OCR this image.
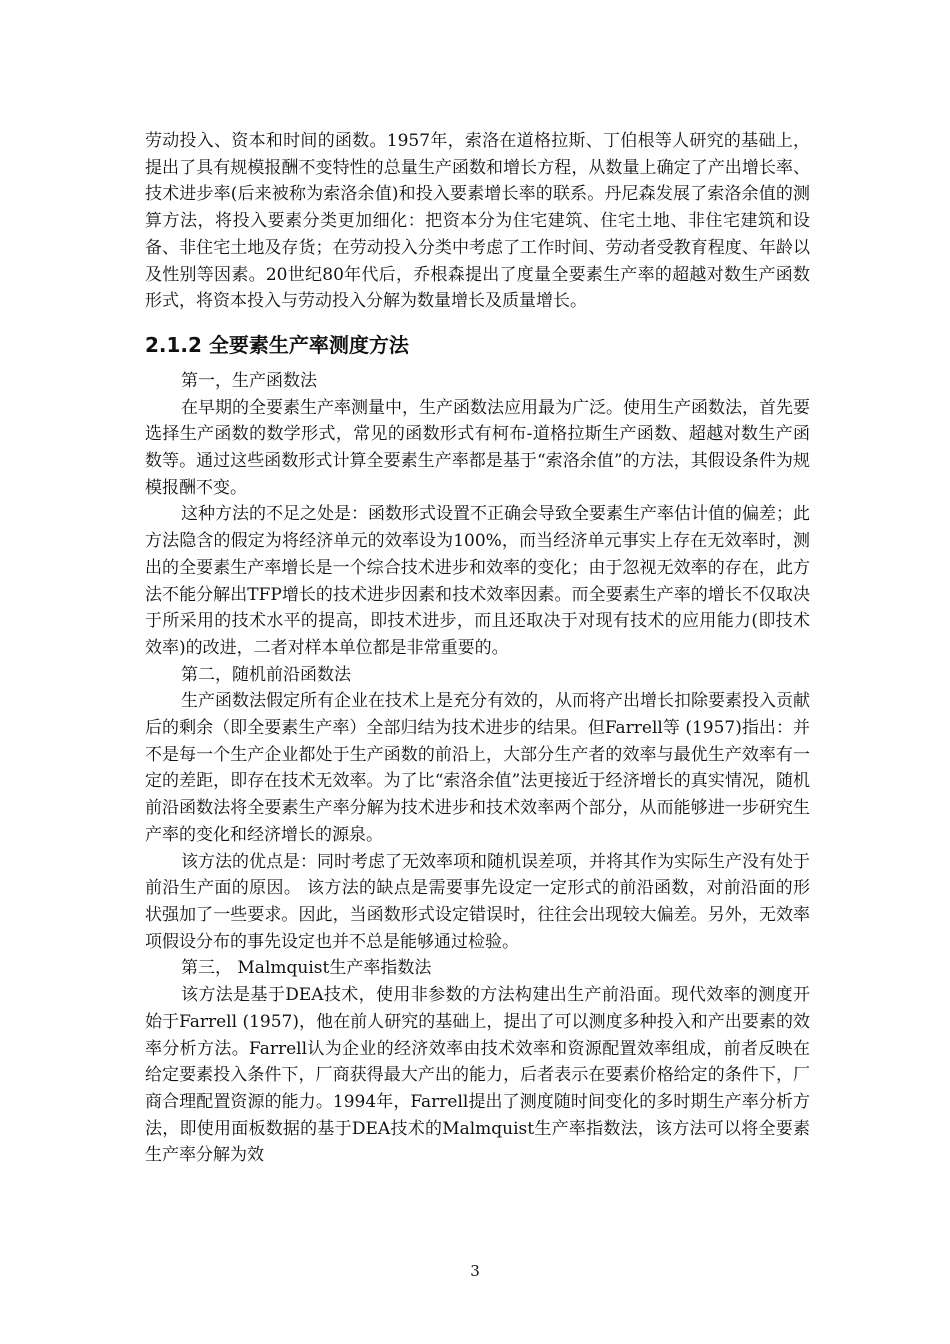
劳动投入、资本和时间的函数。1957年，索洛在道格拉斯、丁伯根等人研究的基础上，提出了具有规模报酬不变特性的总量生产函数和增长方程，从数量上确定了产出增长率、技术进步率(后来被称为索洛余值)和投入要素增长率的联系。丹尼森发展了索洛余值的测算方法，将投入要素分类更加细化：把资本分为住宅建筑、住宅土地、非住宅建筑和设备、非住宅土地及存货；在劳动投入分类中考虑了工作时间、劳动者受教育程度、年龄以及性别等因素。20世纪80年代后，乔根森提出了度量全要素生产率的超越对数生产函数形式，将资本投入与劳动投入分解为数量增长及质量增长。

2.1.2 全要素生产率测度方法

第一，生产函数法

在早期的全要素生产率测量中，生产函数法应用最为广泛。使用生产函数法，首先要选择生产函数的数学形式，常见的函数形式有柯布-道格拉斯生产函数、超越对数生产函数等。通过这些函数形式计算全要素生产率都是基于“索洛余值”的方法，其假设条件为规模报酬不变。

这种方法的不足之处是：函数形式设置不正确会导致全要素生产率估计值的偏差；此方法隐含的假定为将经济单元的效率设为100%，而当经济单元事实上存在无效率时，测出的全要素生产率增长是一个综合技术进步和效率的变化；由于忽视无效率的存在，此方法不能分解出TFP增长的技术进步因素和技术效率因素。而全要素生产率的增长不仅取决于所采用的技术水平的提高，即技术进步，而且还取决于对现有技术的应用能力(即技术效率)的改进，二者对样本单位都是非常重要的。

第二，随机前沿函数法

生产函数法假定所有企业在技术上是充分有效的，从而将产出增长扣除要素投入贡献后的剩余（即全要素生产率）全部归结为技术进步的结果。但Farrell等 (1957)指出：并不是每一个生产企业都处于生产函数的前沿上，大部分生产者的效率与最优生产效率有一定的差距，即存在技术无效率。为了比“索洛余值”法更接近于经济增长的真实情况，随机前沿函数法将全要素生产率分解为技术进步和技术效率两个部分，从而能够进一步研究生产率的变化和经济增长的源泉。

该方法的优点是：同时考虑了无效率项和随机误差项，并将其作为实际生产没有处于前沿生产面的原因。 该方法的缺点是需要事先设定一定形式的前沿函数，对前沿面的形状强加了一些要求。因此，当函数形式设定错误时，往往会出现较大偏差。另外，无效率项假设分布的事先设定也并不总是能够通过检验。

第三， Malmquist生产率指数法

该方法是基于DEA技术，使用非参数的方法构建出生产前沿面。现代效率的测度开始于Farrell (1957)，他在前人研究的基础上，提出了可以测度多种投入和产出要素的效率分析方法。Farrell认为企业的经济效率由技术效率和资源配置效率组成，前者反映在给定要素投入条件下，厂商获得最大产出的能力，后者表示在要素价格给定的条件下，厂商合理配置资源的能力。1994年，Farrell提出了测度随时间变化的多时期生产率分析方法，即使用面板数据的基于DEA技术的Malmquist生产率指数法，该方法可以将全要素生产率分解为效

3
